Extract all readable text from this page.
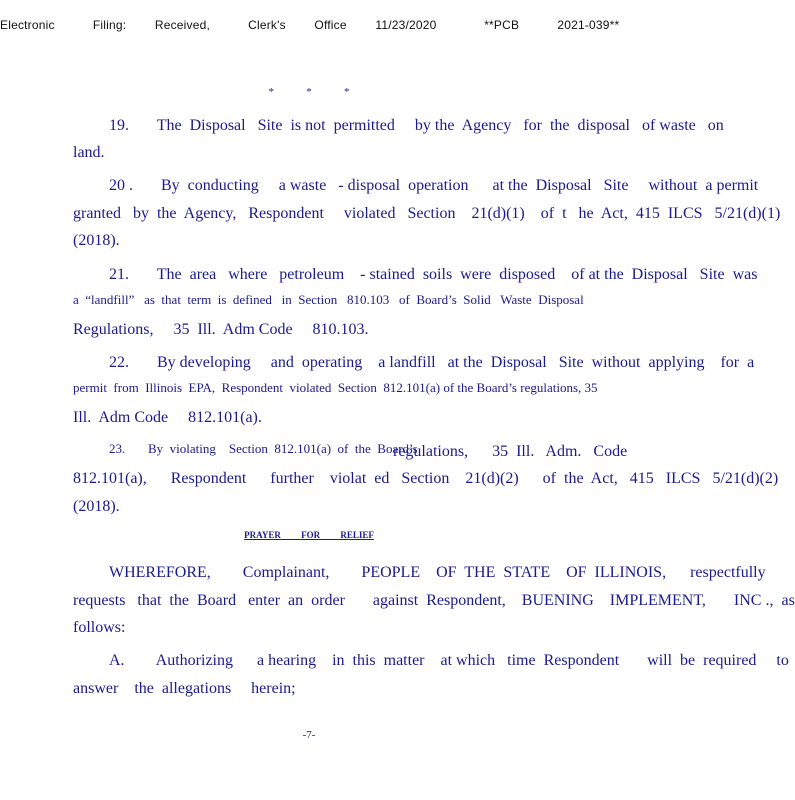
Electronic    Filing:   Received,    Clerk's   Office   11/23/2020     **PCB    2021-039**
*   *   *
19.       The  Disposal   Site  is not  permitted     by the  Agency   for  the  disposal   of waste   on
land.
20 .       By  conducting     a waste   - disposal  operation      at the  Disposal   Site     without  a permit
granted   by  the  Agency,   Respondent     violated   Section    21(d)(1)    of  t   he  Act,  415  ILCS   5/21(d)(1)
(2018).
21.       The  area   where   petroleum    - stained  soils  were  disposed    of at the  Disposal   Site  was
a  “landfill”   as  that  term  is  defined   in  Section   810.103   of  Board’s  Solid   Waste  Disposal
Regulations,     35  Ill.  Adm Code     810.103.
22.       By developing     and  operating    a landfill   at the  Disposal   Site  without  applying    for  a
permit  from  Illinois  EPA,  Respondent  violated  Section  812.101(a) of the Board’s regulations, 35
Ill.  Adm Code     812.101(a).
23.       By  violating    Section  812.101(a)  of  the  Board’s
regulations,      35  Ill.   Adm.   Code
812.101(a),      Respondent      further    violat  ed   Section    21(d)(2)      of  the  Act,   415   ILCS   5/21(d)(2)
(2018).
PRAYER FOR RELIEF
WHEREFORE,        Complainant,        PEOPLE    OF  THE  STATE    OF  ILLINOIS,      respectfully
requests   that  the  Board   enter  an  order       against  Respondent,    BUENING    IMPLEMENT,       INC .,  as
follows:
A.        Authorizing      a hearing    in  this  matter    at which   time  Respondent       will  be  required     to
answer    the  allegations     herein;
-7-
